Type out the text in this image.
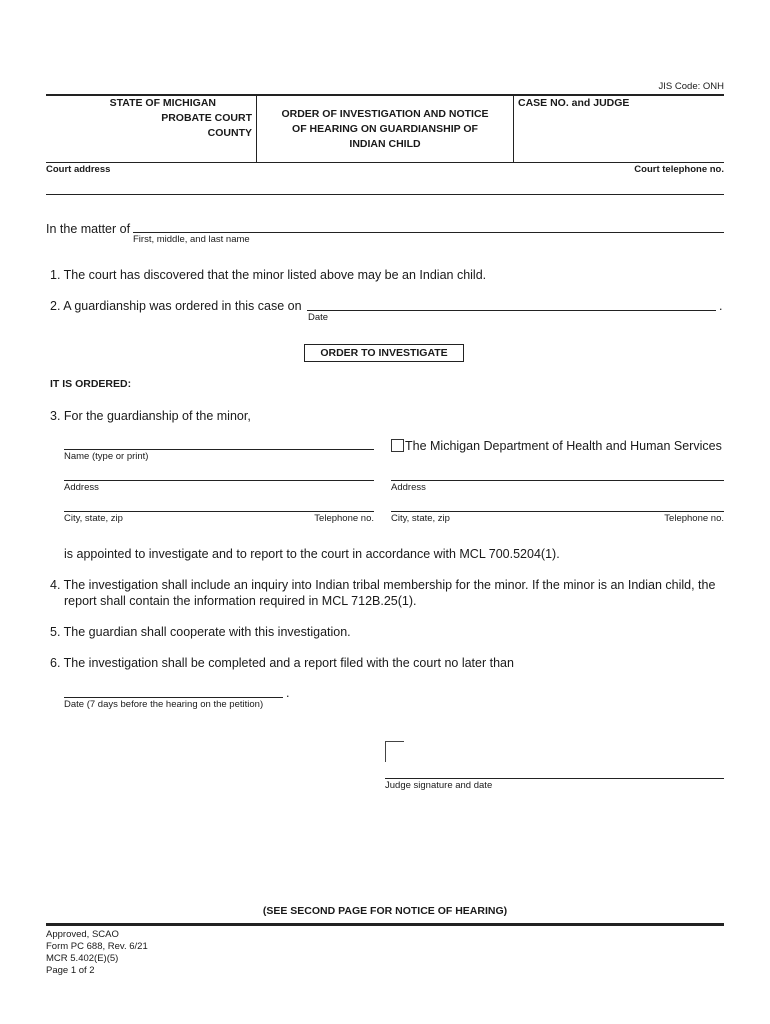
JIS Code: ONH
STATE OF MICHIGAN
PROBATE COURT
COUNTY
ORDER OF INVESTIGATION AND NOTICE
OF HEARING ON GUARDIANSHIP OF
INDIAN CHILD
CASE NO. and JUDGE
Court address	Court telephone no.
In the matter of
First, middle, and last name
1. The court has discovered that the minor listed above may be an Indian child.
2. A guardianship was ordered in this case on	.
Date
ORDER TO INVESTIGATE
IT IS ORDERED:
3. For the guardianship of the minor,
Name (type or print)
The Michigan Department of Health and Human Services
Address	Address
City, state, zip	Telephone no. City, state, zip	Telephone no.
is appointed to investigate and to report to the court in accordance with MCL 700.5204(1).
4. The investigation shall include an inquiry into Indian tribal membership for the minor. If the minor is an Indian child, the
report shall contain the information required in MCL 712B.25(1).
5. The guardian shall cooperate with this investigation.
6. The investigation shall be completed and a report filed with the court no later than
.
Date (7 days before the hearing on the petition)
Judge signature and date
(SEE SECOND PAGE FOR NOTICE OF HEARING)
Approved, SCAO
Form PC 688, Rev. 6/21
MCR 5.402(E)(5)
Page 1 of 2
